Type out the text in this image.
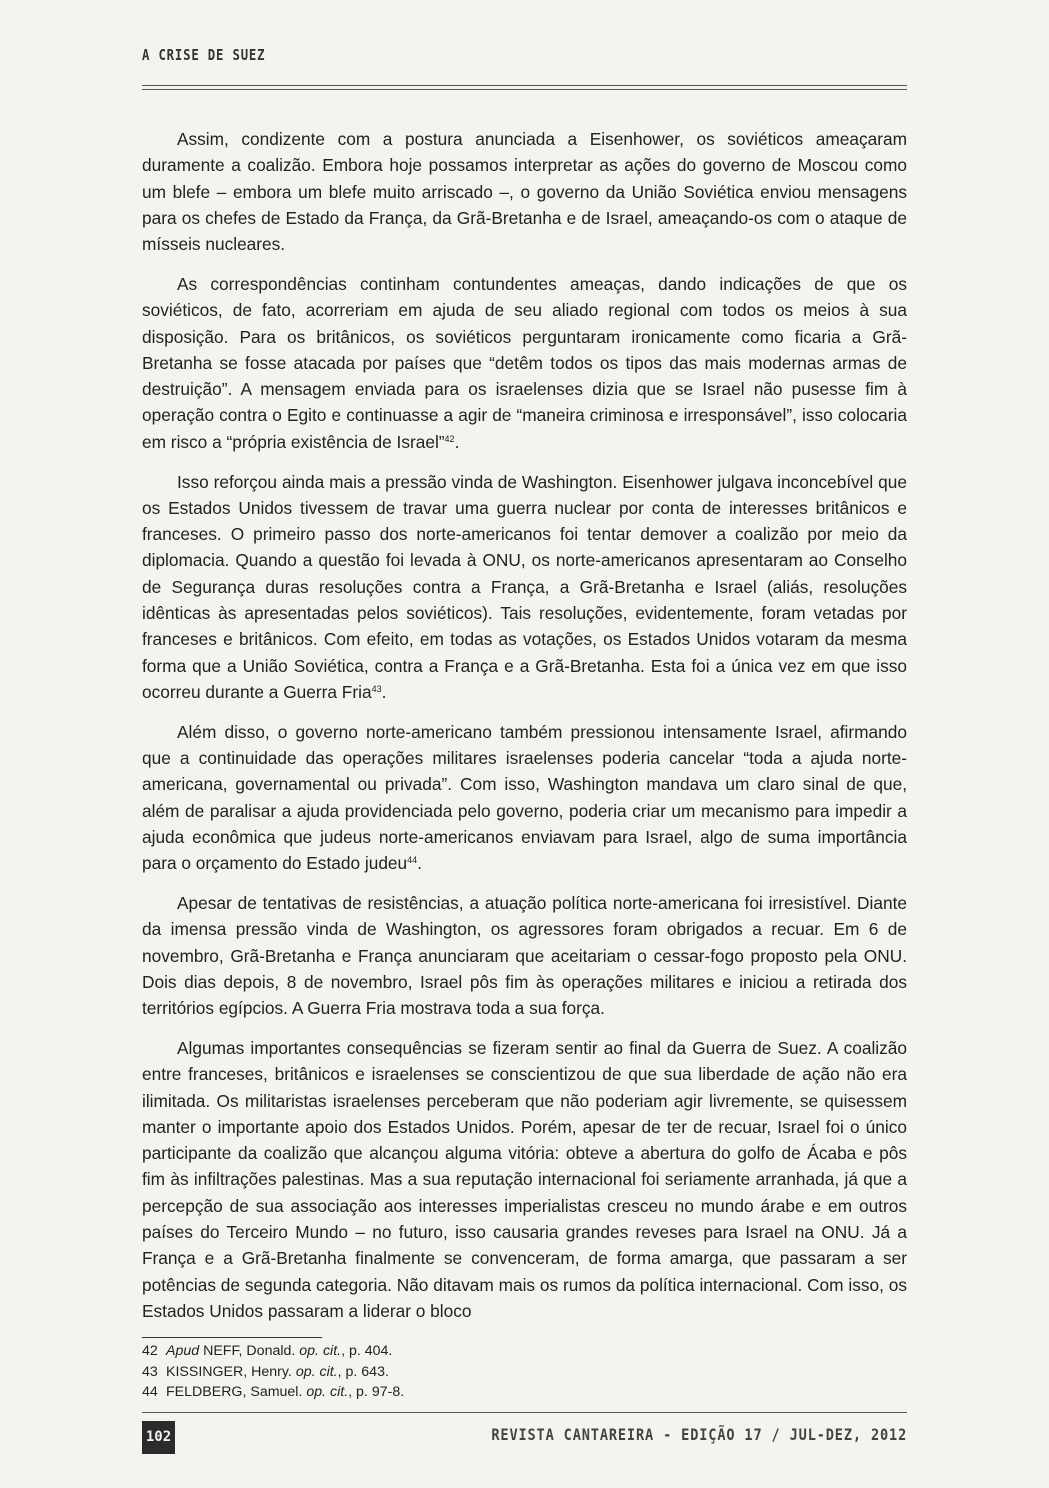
A CRISE DE SUEZ

Assim, condizente com a postura anunciada a Eisenhower, os soviéticos ameaçaram duramente a coalizão. Embora hoje possamos interpretar as ações do governo de Moscou como um blefe – embora um blefe muito arriscado –, o governo da União Soviética enviou mensagens para os chefes de Estado da França, da Grã-Bretanha e de Israel, ameaçando-os com o ataque de mísseis nucleares.

As correspondências continham contundentes ameaças, dando indicações de que os soviéticos, de fato, acorreriam em ajuda de seu aliado regional com todos os meios à sua disposição. Para os britânicos, os soviéticos perguntaram ironicamente como ficaria a Grã-Bretanha se fosse atacada por países que “detêm todos os tipos das mais modernas armas de destruição”. A mensagem enviada para os israelenses dizia que se Israel não pusesse fim à operação contra o Egito e continuasse a agir de “maneira criminosa e irresponsável”, isso colocaria em risco a “própria existência de Israel”$^{42}$.

Isso reforçou ainda mais a pressão vinda de Washington. Eisenhower julgava inconcebível que os Estados Unidos tivessem de travar uma guerra nuclear por conta de interesses britânicos e franceses. O primeiro passo dos norte-americanos foi tentar demover a coalizão por meio da diplomacia. Quando a questão foi levada à ONU, os norte-americanos apresentaram ao Conselho de Segurança duras resoluções contra a França, a Grã-Bretanha e Israel (aliás, resoluções idênticas às apresentadas pelos soviéticos). Tais resoluções, evidentemente, foram vetadas por franceses e britânicos. Com efeito, em todas as votações, os Estados Unidos votaram da mesma forma que a União Soviética, contra a França e a Grã-Bretanha. Esta foi a única vez em que isso ocorreu durante a Guerra Fria$^{43}$.

Além disso, o governo norte-americano também pressionou intensamente Israel, afirmando que a continuidade das operações militares israelenses poderia cancelar “toda a ajuda norte-americana, governamental ou privada”. Com isso, Washington mandava um claro sinal de que, além de paralisar a ajuda providenciada pelo governo, poderia criar um mecanismo para impedir a ajuda econômica que judeus norte-americanos enviavam para Israel, algo de suma importância para o orçamento do Estado judeu$^{44}$.

Apesar de tentativas de resistências, a atuação política norte-americana foi irresistível. Diante da imensa pressão vinda de Washington, os agressores foram obrigados a recuar. Em 6 de novembro, Grã-Bretanha e França anunciaram que aceitariam o cessar-fogo proposto pela ONU. Dois dias depois, 8 de novembro, Israel pôs fim às operações militares e iniciou a retirada dos territórios egípcios. A Guerra Fria mostrava toda a sua força.

Algumas importantes consequências se fizeram sentir ao final da Guerra de Suez. A coalizão entre franceses, britânicos e israelenses se conscientizou de que sua liberdade de ação não era ilimitada. Os militaristas israelenses perceberam que não poderiam agir livremente, se quisessem manter o importante apoio dos Estados Unidos. Porém, apesar de ter de recuar, Israel foi o único participante da coalizão que alcançou alguma vitória: obteve a abertura do golfo de Ácaba e pôs fim às infiltrações palestinas. Mas a sua reputação internacional foi seriamente arranhada, já que a percepção de sua associação aos interesses imperialistas cresceu no mundo árabe e em outros países do Terceiro Mundo – no futuro, isso causaria grandes reveses para Israel na ONU. Já a França e a Grã-Bretanha finalmente se convenceram, de forma amarga, que passaram a ser potências de segunda categoria. Não ditavam mais os rumos da política internacional. Com isso, os Estados Unidos passaram a liderar o bloco

42 Apud NEFF, Donald. op. cit., p. 404.
43 KISSINGER, Henry. op. cit., p. 643.
44 FELDBERG, Samuel. op. cit., p. 97-8.
102	REVISTA CANTAREIRA - EDIÇÃO 17 / JUL-DEZ, 2012
